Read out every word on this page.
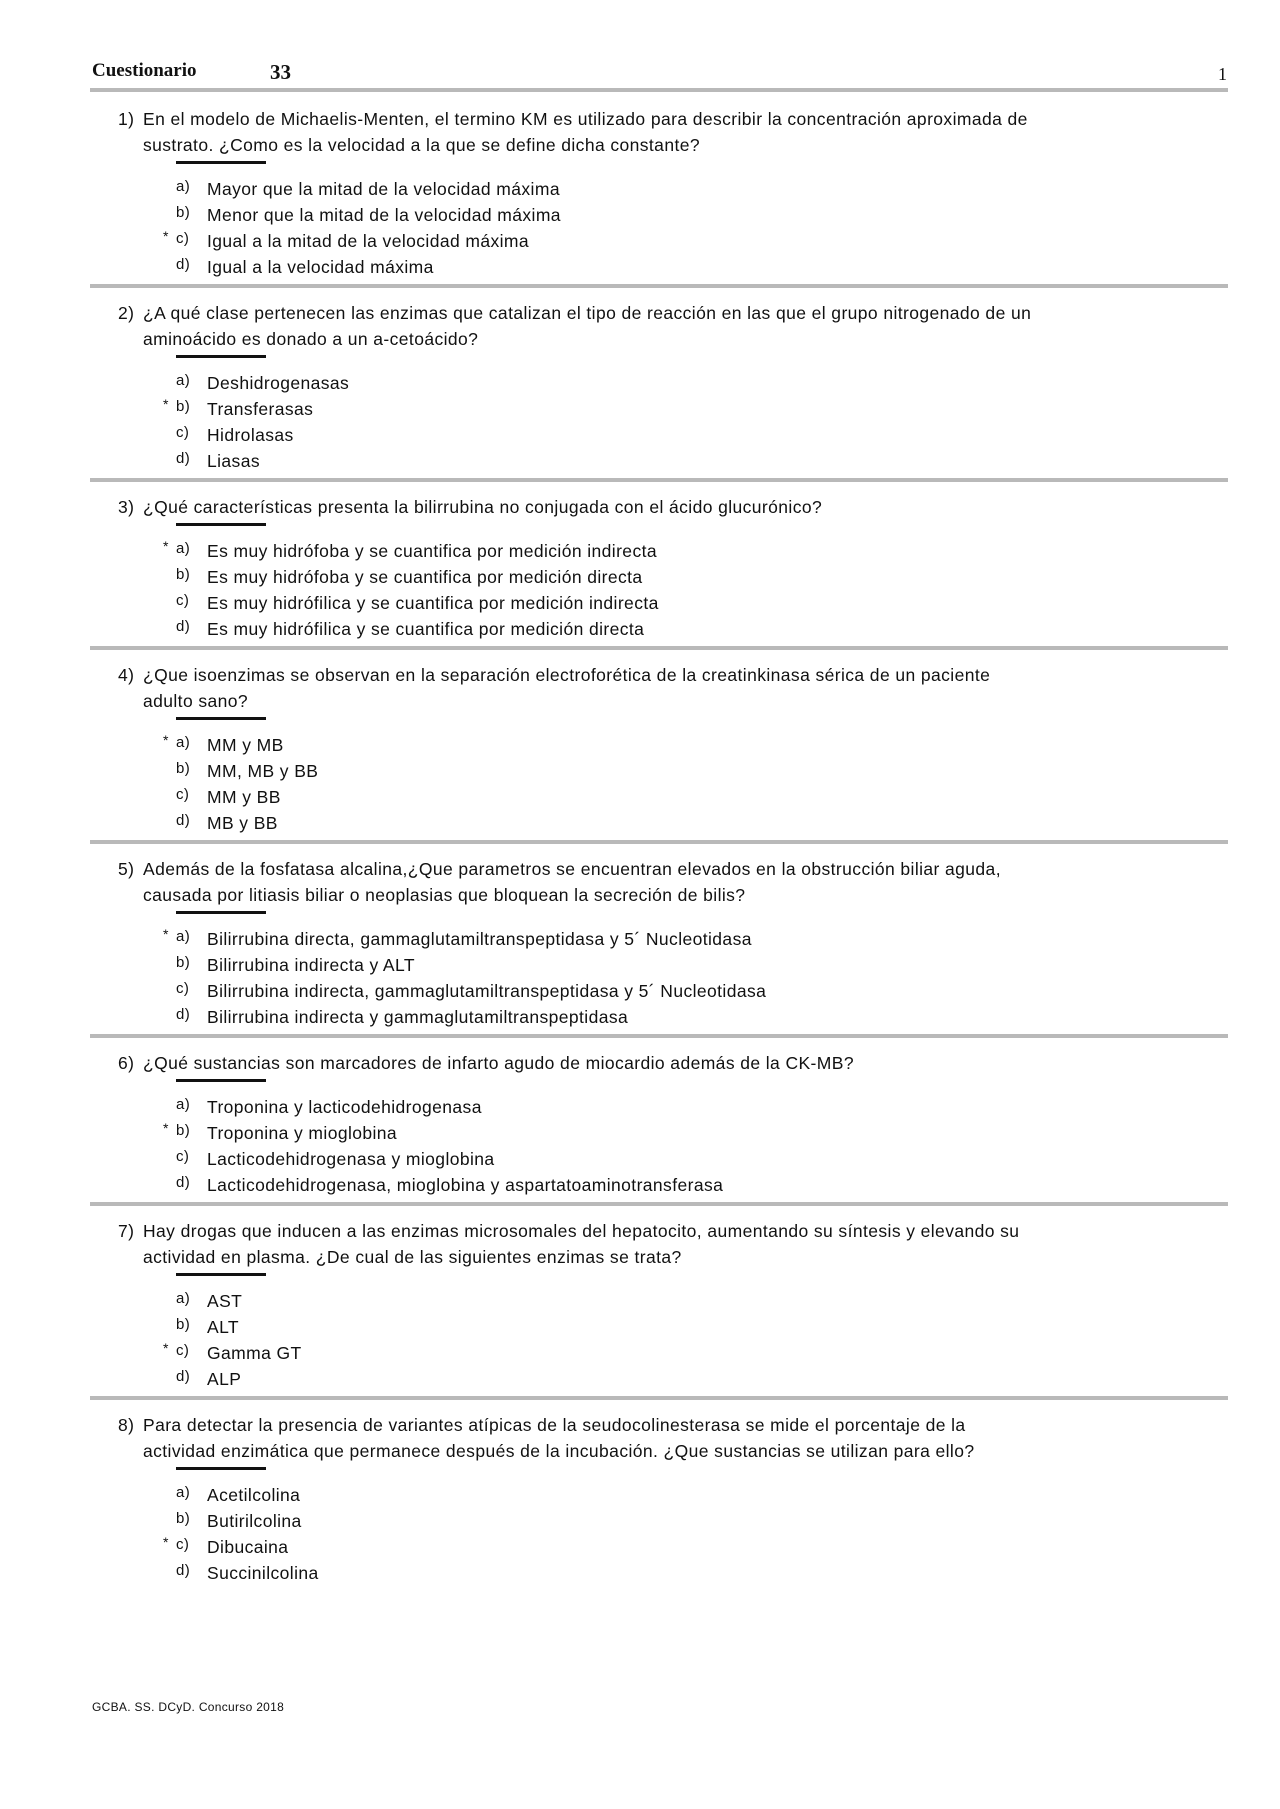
Cuestionario	33	1
1) En el modelo de Michaelis-Menten, el termino KM es utilizado para describir la concentración aproximada de sustrato. ¿Como es la velocidad a la que se define dicha constante?
a) Mayor que la mitad de la velocidad máxima
b) Menor que la mitad de la velocidad máxima
* c) Igual a la mitad de la velocidad máxima
d) Igual a la velocidad máxima
2) ¿A qué clase pertenecen las enzimas que catalizan el tipo de reacción en las que el grupo nitrogenado de un aminoácido es donado a un a-cetoácido?
a) Deshidrogenasas
* b) Transferasas
c) Hidrolasas
d) Liasas
3) ¿Qué características presenta la bilirrubina no conjugada con el ácido glucurónico?
* a) Es muy hidrófoba y se cuantifica por medición indirecta
b) Es muy hidrófoba y se cuantifica por medición directa
c) Es muy hidrófilica y se cuantifica por medición indirecta
d) Es muy hidrófilica y se cuantifica por medición directa
4) ¿Que isoenzimas se observan en la separación electroforética de la creatinkinasa sérica de un paciente adulto sano?
* a) MM y MB
b) MM, MB y BB
c) MM y BB
d) MB y BB
5) Además de la fosfatasa alcalina,¿Que parametros se encuentran elevados en la obstrucción biliar aguda, causada por litiasis biliar o neoplasias que bloquean la secreción de bilis?
* a) Bilirrubina directa, gammaglutamiltranspeptidasa y 5´ Nucleotidasa
b) Bilirrubina indirecta y ALT
c) Bilirrubina indirecta, gammaglutamiltranspeptidasa y 5´ Nucleotidasa
d) Bilirrubina indirecta y gammaglutamiltranspeptidasa
6) ¿Qué sustancias son marcadores de infarto agudo de miocardio además de la CK-MB?
a) Troponina y lacticodehidrogenasa
* b) Troponina y mioglobina
c) Lacticodehidrogenasa y mioglobina
d) Lacticodehidrogenasa, mioglobina y aspartatoaminotransferasa
7) Hay drogas que inducen a las enzimas microsomales del hepatocito, aumentando su síntesis y elevando su actividad en plasma. ¿De cual de las siguientes enzimas se trata?
a) AST
b) ALT
* c) Gamma GT
d) ALP
8) Para detectar la presencia de variantes atípicas de la seudocolinesterasa se mide el porcentaje de la actividad enzimática que permanece después de la incubación. ¿Que sustancias se utilizan para ello?
a) Acetilcolina
b) Butirilcolina
* c) Dibucaina
d) Succinilcolina
GCBA. SS. DCyD. Concurso 2018
